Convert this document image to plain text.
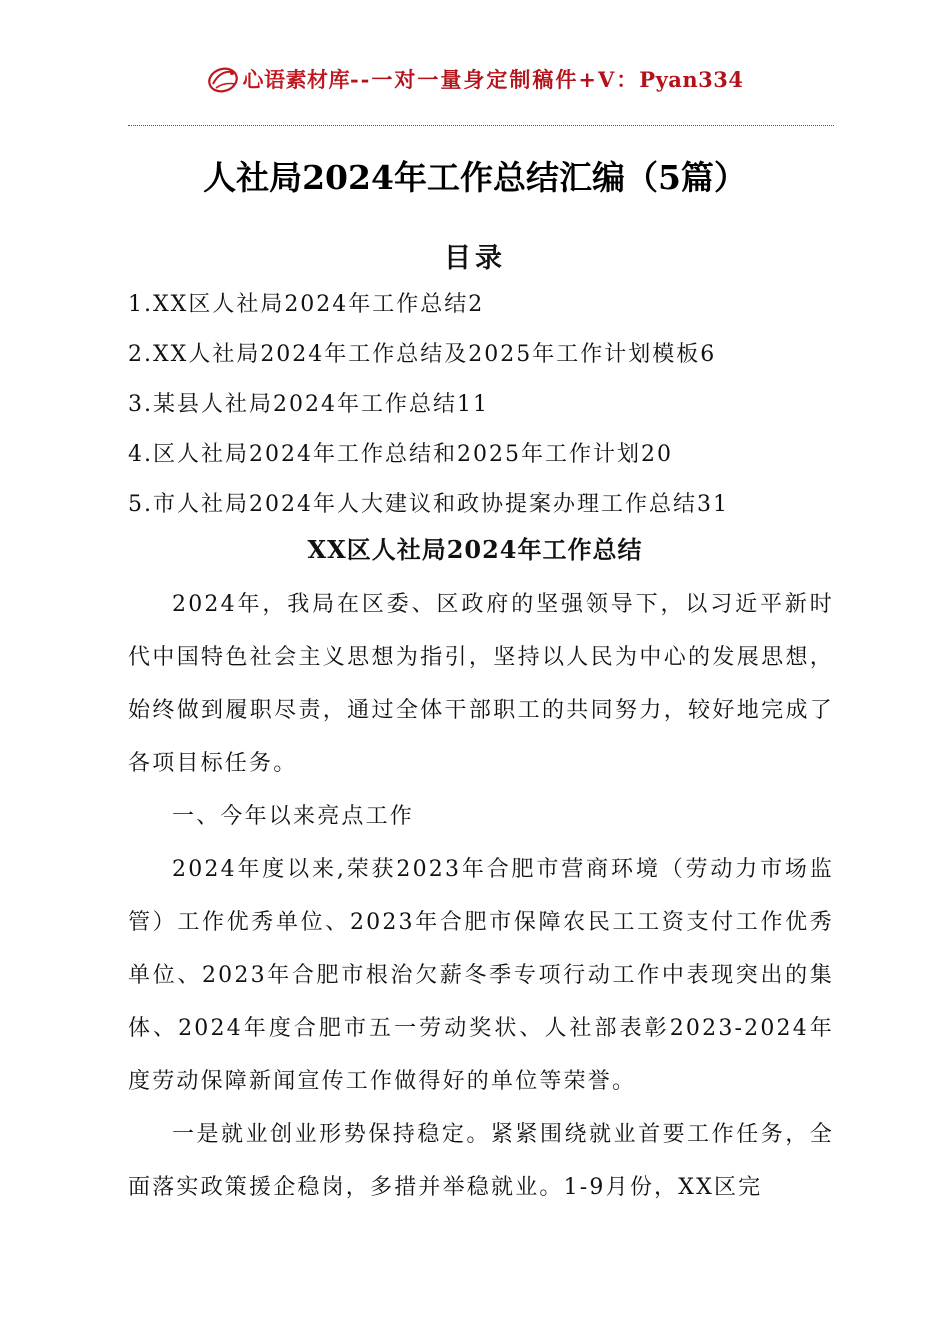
心语素材库--一对一量身定制稿件+V：Pyan334
人社局2024年工作总结汇编（5篇）
目录
1.XX区人社局2024年工作总结2
2.XX人社局2024年工作总结及2025年工作计划模板6
3.某县人社局2024年工作总结11
4.区人社局2024年工作总结和2025年工作计划20
5.市人社局2024年人大建议和政协提案办理工作总结31
XX区人社局2024年工作总结

2024年，我局在区委、区政府的坚强领导下，以习近平新时代中国特色社会主义思想为指引，坚持以人民为中心的发展思想，始终做到履职尽责，通过全体干部职工的共同努力，较好地完成了各项目标任务。

一、今年以来亮点工作

2024年度以来,荣获2023年合肥市营商环境（劳动力市场监管）工作优秀单位、2023年合肥市保障农民工工资支付工作优秀单位、2023年合肥市根治欠薪冬季专项行动工作中表现突出的集体、2024年度合肥市五一劳动奖状、人社部表彰2023-2024年度劳动保障新闻宣传工作做得好的单位等荣誉。

一是就业创业形势保持稳定。紧紧围绕就业首要工作任务，全面落实政策援企稳岗，多措并举稳就业。1-9月份，XX区完
